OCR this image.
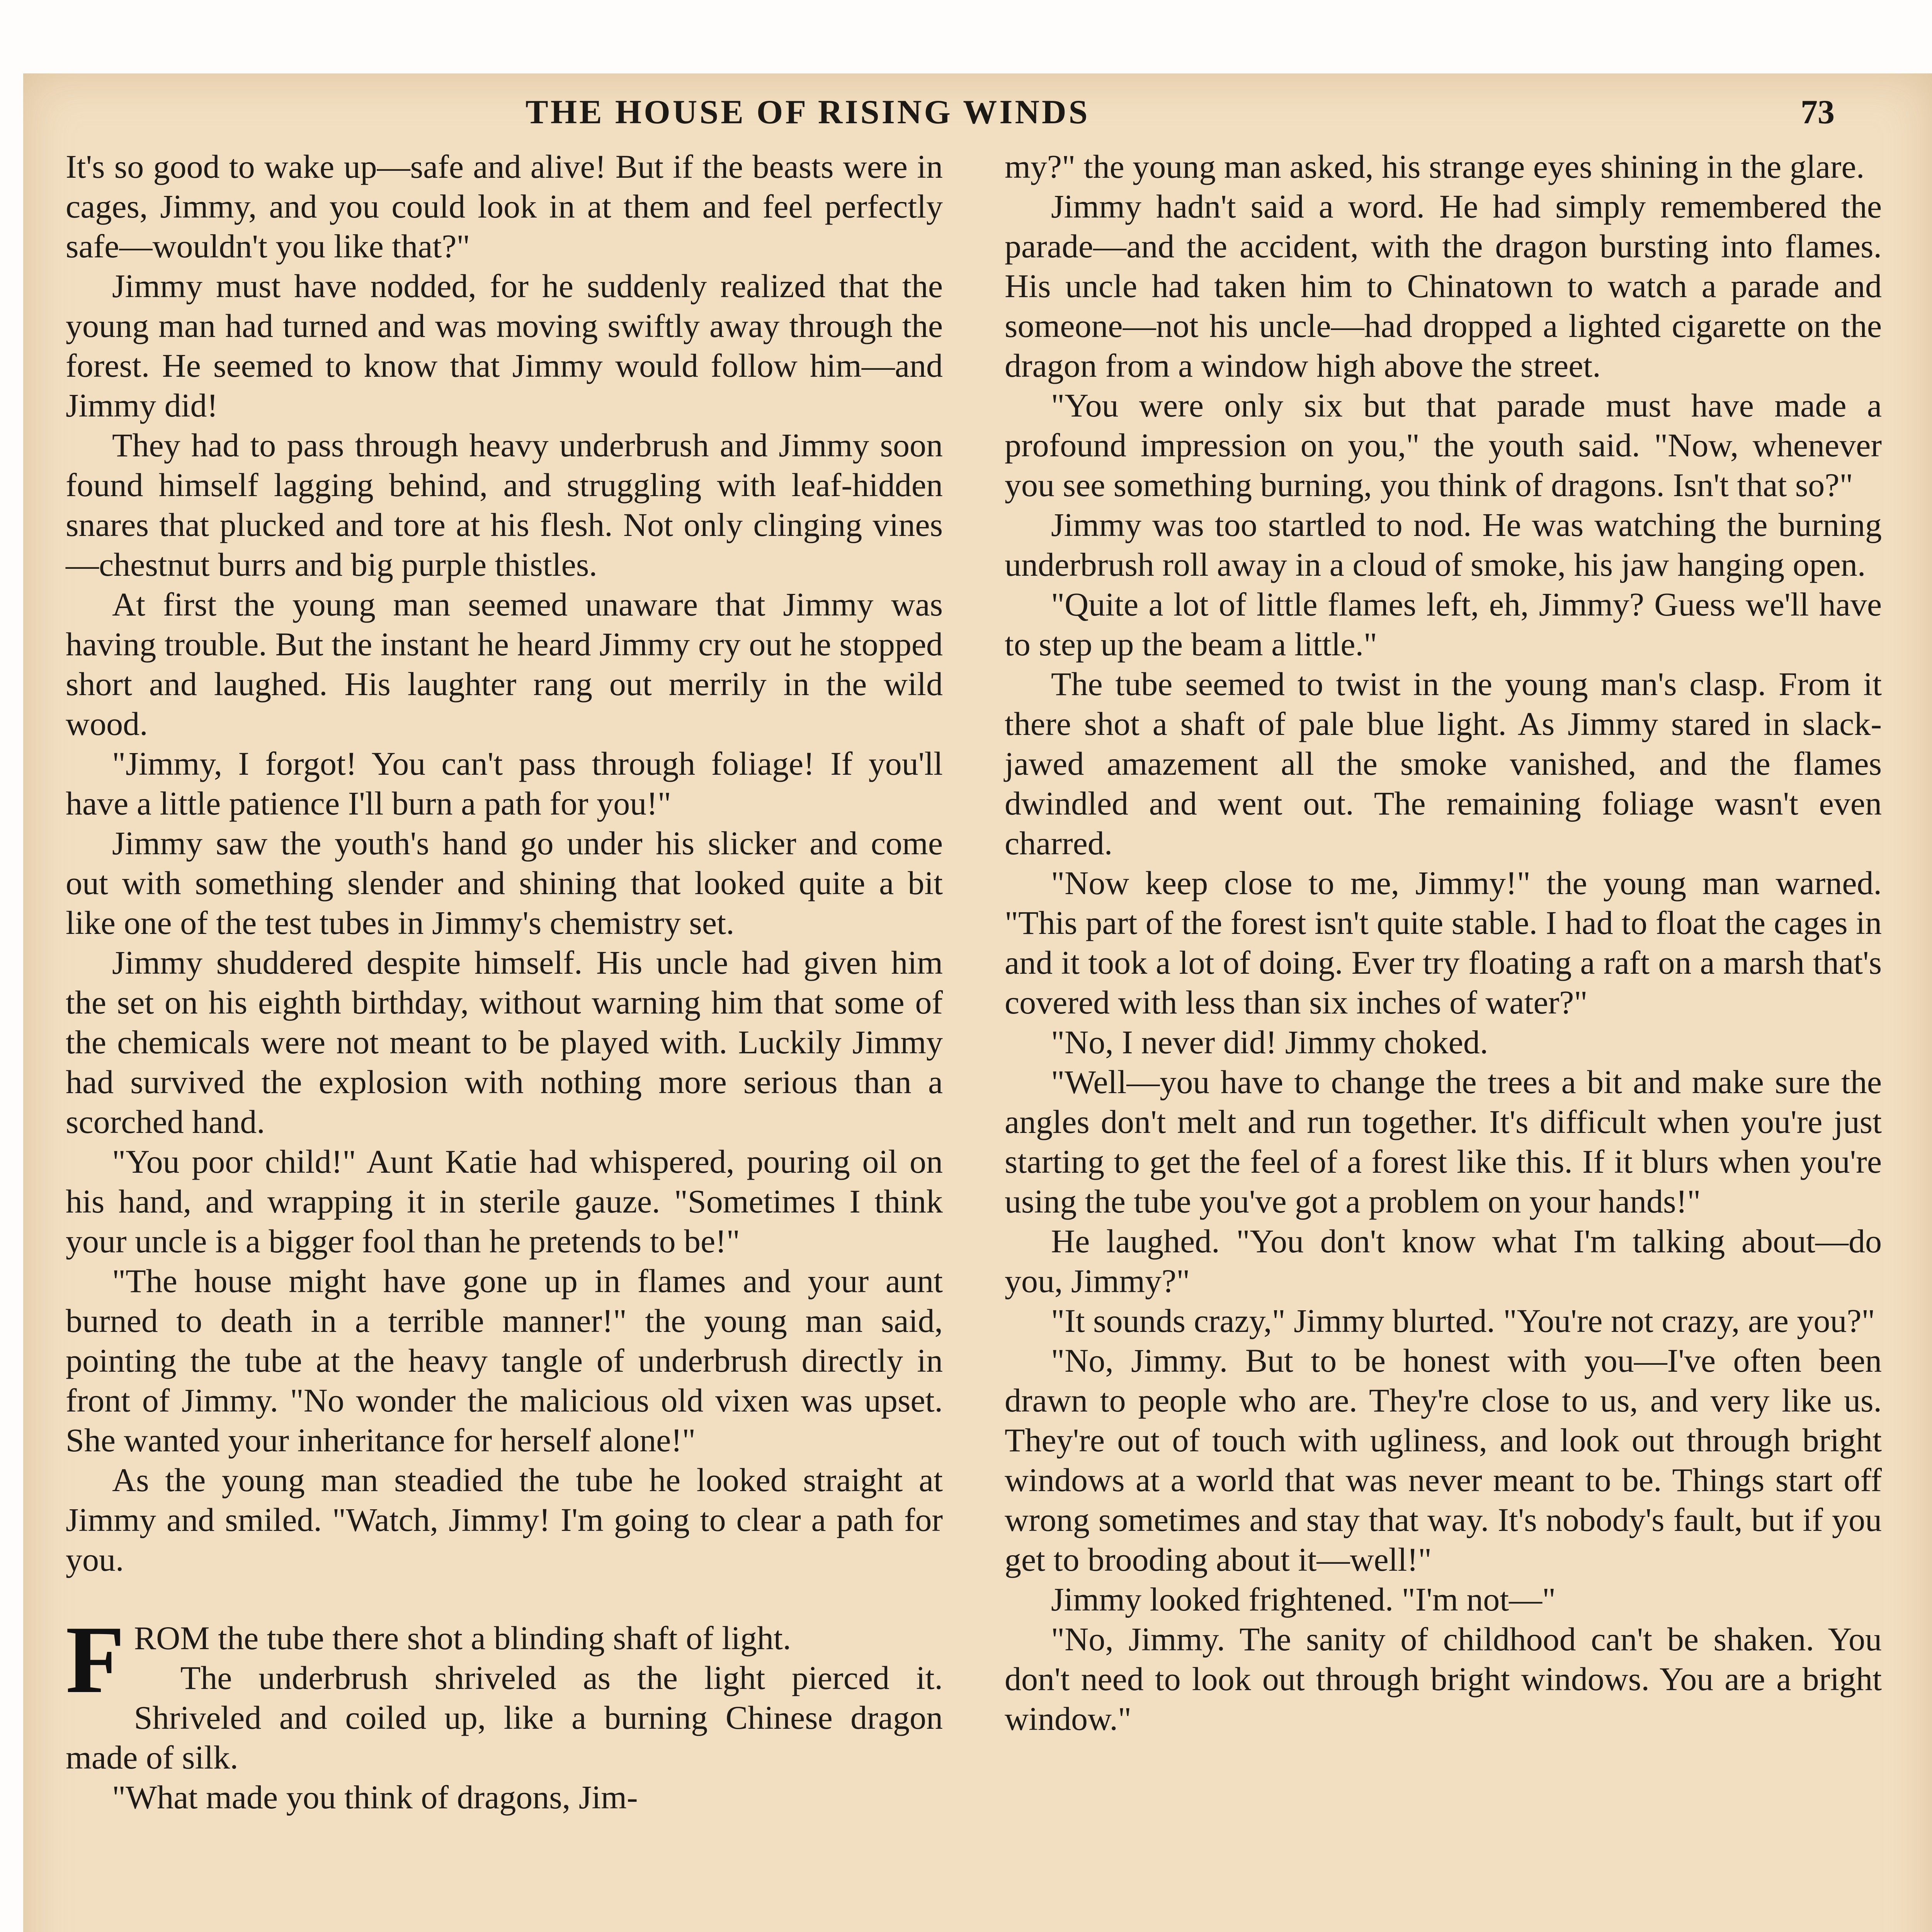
THE HOUSE OF RISING WINDS	73

It's so good to wake up—safe and alive! But if the beasts were in cages, Jimmy, and you could look in at them and feel perfectly safe—wouldn't you like that?"

Jimmy must have nodded, for he suddenly realized that the young man had turned and was moving swiftly away through the forest. He seemed to know that Jimmy would follow him—and Jimmy did!

They had to pass through heavy underbrush and Jimmy soon found himself lagging behind, and struggling with leaf-hidden snares that plucked and tore at his flesh. Not only clinging vines—chestnut burrs and big purple thistles.

At first the young man seemed unaware that Jimmy was having trouble. But the instant he heard Jimmy cry out he stopped short and laughed. His laughter rang out merrily in the wild wood.

"Jimmy, I forgot! You can't pass through foliage! If you'll have a little patience I'll burn a path for you!"

Jimmy saw the youth's hand go under his slicker and come out with something slender and shining that looked quite a bit like one of the test tubes in Jimmy's chemistry set.

Jimmy shuddered despite himself. His uncle had given him the set on his eighth birthday, without warning him that some of the chemicals were not meant to be played with. Luckily Jimmy had survived the explosion with nothing more serious than a scorched hand.

"You poor child!" Aunt Katie had whispered, pouring oil on his hand, and wrapping it in sterile gauze. "Sometimes I think your uncle is a bigger fool than he pretends to be!"

"The house might have gone up in flames and your aunt burned to death in a terrible manner!" the young man said, pointing the tube at the heavy tangle of underbrush directly in front of Jimmy. "No wonder the malicious old vixen was upset. She wanted your inheritance for herself alone!"

As the young man steadied the tube he looked straight at Jimmy and smiled. "Watch, Jimmy! I'm going to clear a path for you.

F ROM the tube there shot a blinding shaft of light.

The underbrush shriveled as the light pierced it. Shriveled and coiled up, like a burning Chinese dragon made of silk.

"What made you think of dragons, Jim-

my?" the young man asked, his strange eyes shining in the glare.

Jimmy hadn't said a word. He had simply remembered the parade—and the accident, with the dragon bursting into flames. His uncle had taken him to Chinatown to watch a parade and someone—not his uncle—had dropped a lighted cigarette on the dragon from a window high above the street.

"You were only six but that parade must have made a profound impression on you," the youth said. "Now, whenever you see something burning, you think of dragons. Isn't that so?"

Jimmy was too startled to nod. He was watching the burning underbrush roll away in a cloud of smoke, his jaw hanging open.

"Quite a lot of little flames left, eh, Jimmy? Guess we'll have to step up the beam a little."

The tube seemed to twist in the young man's clasp. From it there shot a shaft of pale blue light. As Jimmy stared in slack-jawed amazement all the smoke vanished, and the flames dwindled and went out. The remaining foliage wasn't even charred.

"Now keep close to me, Jimmy!" the young man warned. "This part of the forest isn't quite stable. I had to float the cages in and it took a lot of doing. Ever try floating a raft on a marsh that's covered with less than six inches of water?"

"No, I never did! Jimmy choked.

"Well—you have to change the trees a bit and make sure the angles don't melt and run together. It's difficult when you're just starting to get the feel of a forest like this. If it blurs when you're using the tube you've got a problem on your hands!"

He laughed. "You don't know what I'm talking about—do you, Jimmy?"

"It sounds crazy," Jimmy blurted. "You're not crazy, are you?"

"No, Jimmy. But to be honest with you—I've often been drawn to people who are. They're close to us, and very like us. They're out of touch with ugliness, and look out through bright windows at a world that was never meant to be. Things start off wrong sometimes and stay that way. It's nobody's fault, but if you get to brooding about it—well!"

Jimmy looked frightened. "I'm not—"

"No, Jimmy. The sanity of childhood can't be shaken. You don't need to look out through bright windows. You are a bright window."
